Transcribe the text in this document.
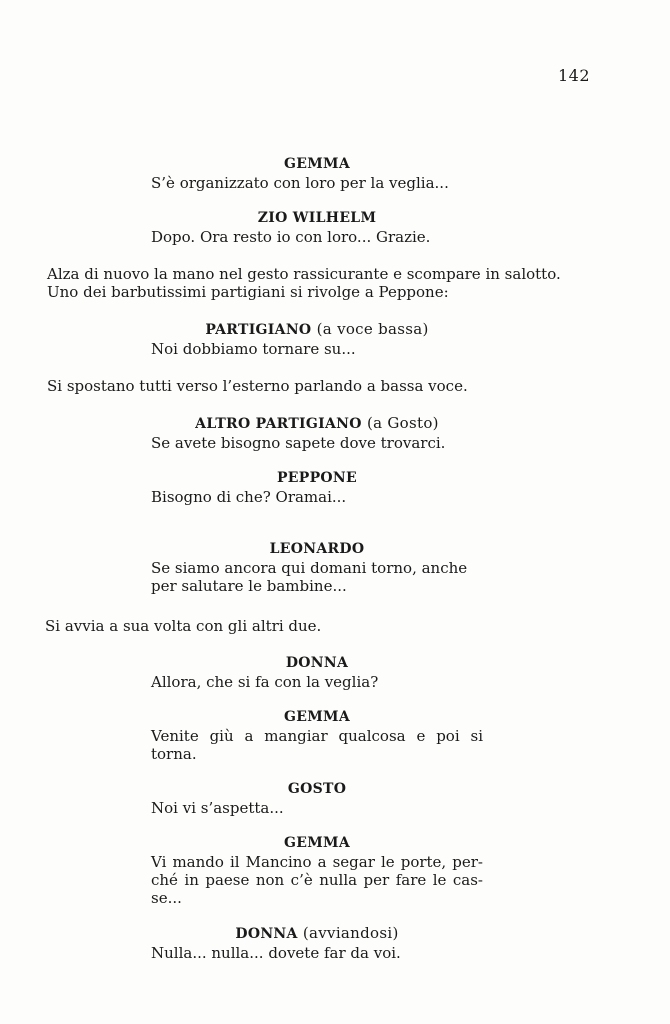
142
GEMMA
S’è organizzato con loro per la veglia...
ZIO WILHELM
Dopo. Ora resto io con loro... Grazie.
Alza di nuovo la mano nel gesto rassicurante e scompare in salotto.
Uno dei barbutissimi partigiani si rivolge a Peppone:
PARTIGIANO (a voce bassa)
Noi dobbiamo tornare su...
Si spostano tutti verso l’esterno parlando a bassa voce.
ALTRO PARTIGIANO (a Gosto)
Se avete bisogno sapete dove trovarci.
PEPPONE
Bisogno di che? Oramai...
LEONARDO
Se siamo ancora qui domani torno, anche
per salutare le bambine...
Si avvia a sua volta con gli altri due.
DONNA
Allora, che si fa con la veglia?
GEMMA
Venite giù a mangiar qualcosa e poi si
torna.
GOSTO
Noi vi s’aspetta...
GEMMA
Vi mando il Mancino a segar le porte, per-
ché in paese non c’è nulla per fare le cas-
se...
DONNA (avviandosi)
Nulla... nulla... dovete far da voi.
